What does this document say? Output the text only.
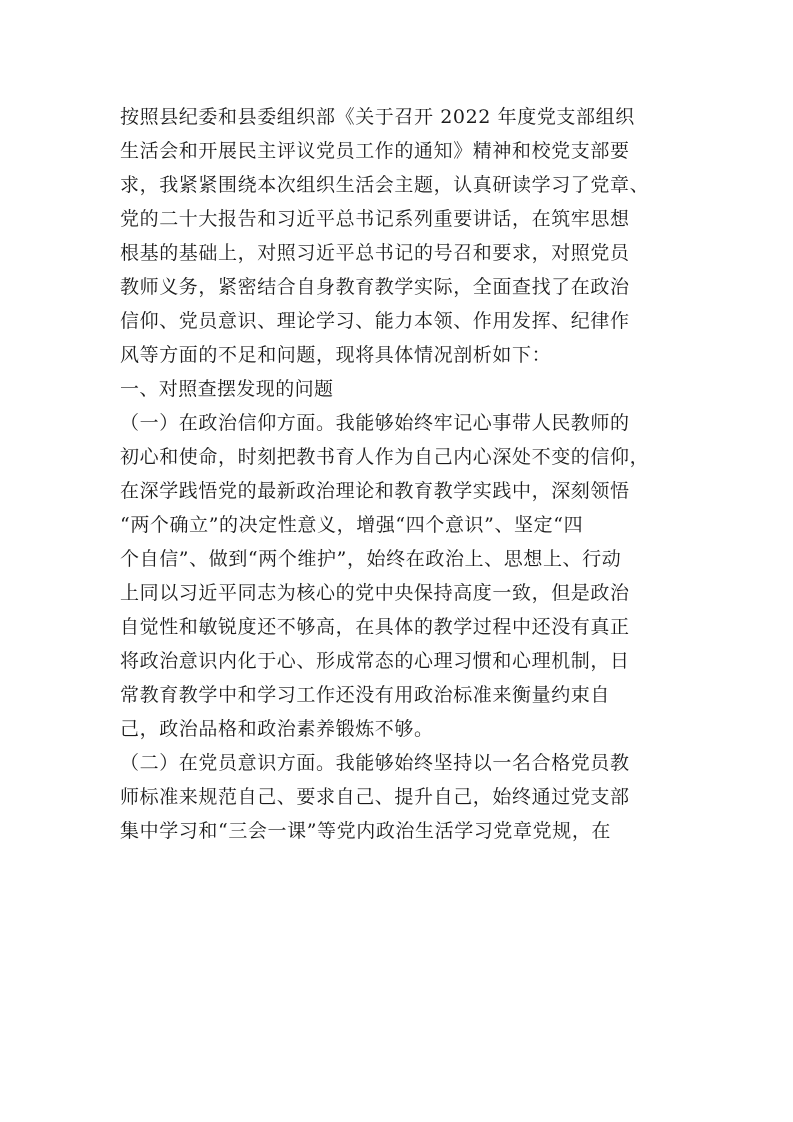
按照县纪委和县委组织部《关于召开 2022 年度党支部组织
生活会和开展民主评议党员工作的通知》精神和校党支部要
求，我紧紧围绕本次组织生活会主题，认真研读学习了党章、
党的二十大报告和习近平总书记系列重要讲话，在筑牢思想
根基的基础上，对照习近平总书记的号召和要求，对照党员
教师义务，紧密结合自身教育教学实际，全面查找了在政治
信仰、党员意识、理论学习、能力本领、作用发挥、纪律作
风等方面的不足和问题，现将具体情况剖析如下：
一、对照查摆发现的问题
（一）在政治信仰方面。我能够始终牢记心事带人民教师的
初心和使命，时刻把教书育人作为自己内心深处不变的信仰，
在深学践悟党的最新政治理论和教育教学实践中，深刻领悟
“两个确立”的决定性意义，增强“四个意识”、坚定“四
个自信”、做到“两个维护”，始终在政治上、思想上、行动
上同以习近平同志为核心的党中央保持高度一致，但是政治
自觉性和敏锐度还不够高，在具体的教学过程中还没有真正
将政治意识内化于心、形成常态的心理习惯和心理机制，日
常教育教学中和学习工作还没有用政治标准来衡量约束自
己，政治品格和政治素养锻炼不够。
（二）在党员意识方面。我能够始终坚持以一名合格党员教
师标准来规范自己、要求自己、提升自己，始终通过党支部
集中学习和“三会一课”等党内政治生活学习党章党规，在
